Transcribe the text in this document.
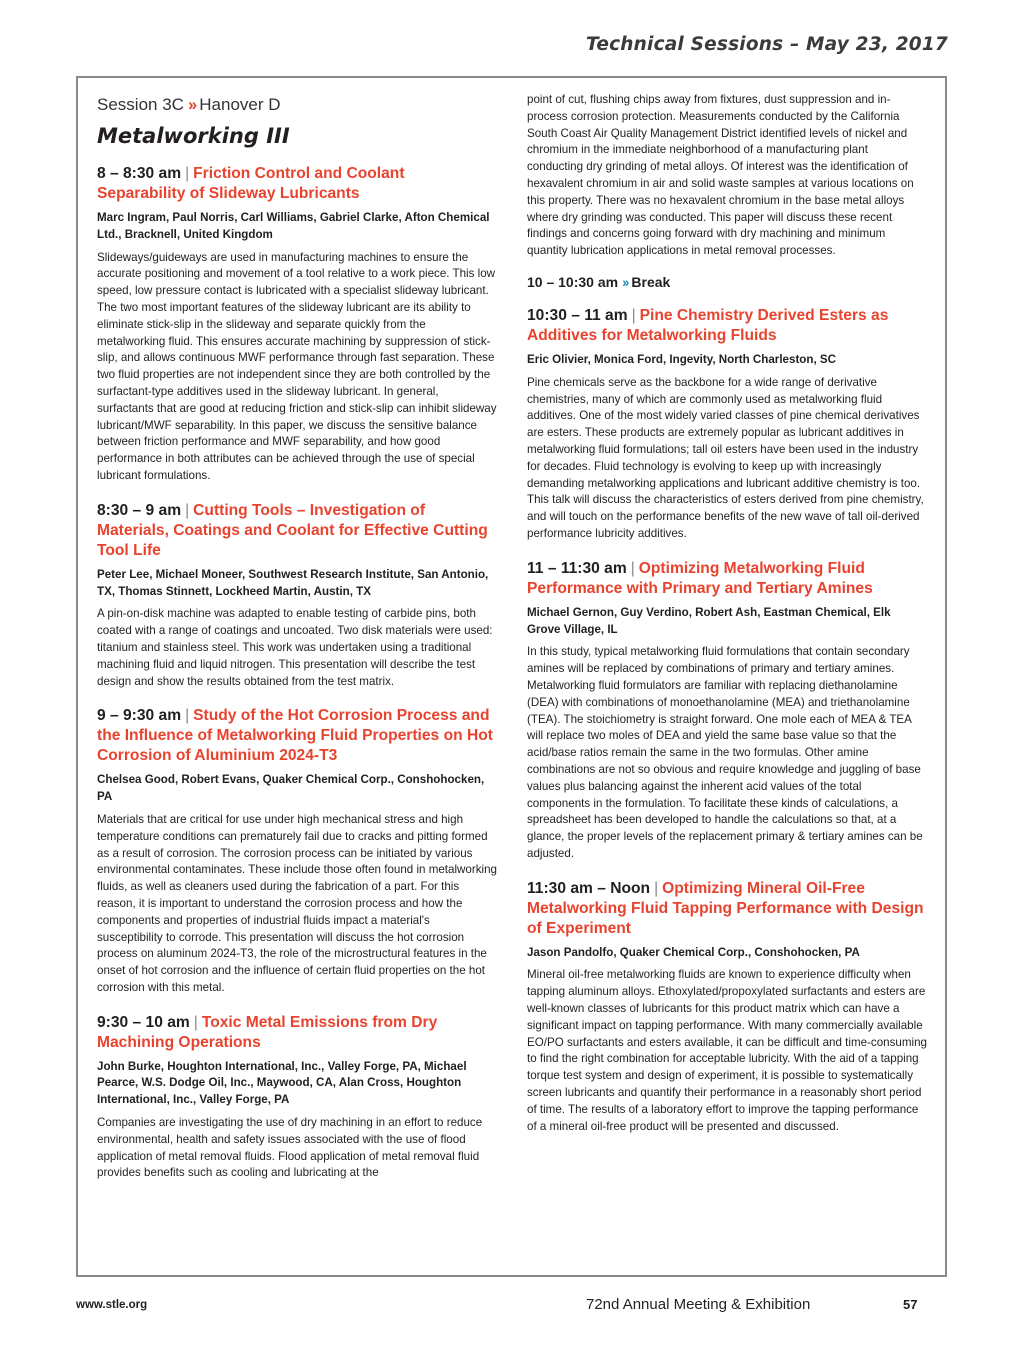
Technical Sessions – May 23, 2017
Session 3C ›› Hanover D
Metalworking III
8 – 8:30 am | Friction Control and Coolant Separability of Slideway Lubricants
Marc Ingram, Paul Norris, Carl Williams, Gabriel Clarke, Afton Chemical Ltd., Bracknell, United Kingdom

Slideways/guideways are used in manufacturing machines to ensure the accurate positioning and movement of a tool relative to a work piece. This low speed, low pressure contact is lubricated with a specialist slideway lubricant. The two most important features of the slideway lubricant are its ability to eliminate stick-slip in the slideway and separate quickly from the metalworking fluid. This ensures accurate machining by suppression of stick-slip, and allows continuous MWF performance through fast separation. These two fluid properties are not independent since they are both controlled by the surfactant-type additives used in the slideway lubricant. In general, surfactants that are good at reducing friction and stick-slip can inhibit slideway lubricant/MWF separability. In this paper, we discuss the sensitive balance between friction performance and MWF separability, and how good performance in both attributes can be achieved through the use of special lubricant formulations.

8:30 – 9 am | Cutting Tools – Investigation of Materials, Coatings and Coolant for Effective Cutting Tool Life
Peter Lee, Michael Moneer, Southwest Research Institute, San Antonio, TX, Thomas Stinnett, Lockheed Martin, Austin, TX

A pin-on-disk machine was adapted to enable testing of carbide pins, both coated with a range of coatings and uncoated. Two disk materials were used: titanium and stainless steel. This work was undertaken using a traditional machining fluid and liquid nitrogen. This presentation will describe the test design and show the results obtained from the test matrix.

9 – 9:30 am | Study of the Hot Corrosion Process and the Influence of Metalworking Fluid Properties on Hot Corrosion of Aluminium 2024-T3
Chelsea Good, Robert Evans, Quaker Chemical Corp., Conshohocken, PA

Materials that are critical for use under high mechanical stress and high temperature conditions can prematurely fail due to cracks and pitting formed as a result of corrosion. The corrosion process can be initiated by various environmental contaminates. These include those often found in metalworking fluids, as well as cleaners used during the fabrication of a part. For this reason, it is important to understand the corrosion process and how the components and properties of industrial fluids impact a material's susceptibility to corrode. This presentation will discuss the hot corrosion process on aluminum 2024-T3, the role of the microstructural features in the onset of hot corrosion and the influence of certain fluid properties on the hot corrosion with this metal.

9:30 – 10 am | Toxic Metal Emissions from Dry Machining Operations
John Burke, Houghton International, Inc., Valley Forge, PA, Michael Pearce, W.S. Dodge Oil, Inc., Maywood, CA, Alan Cross, Houghton International, Inc., Valley Forge, PA

Companies are investigating the use of dry machining in an effort to reduce environmental, health and safety issues associated with the use of flood application of metal removal fluids. Flood application of metal removal fluid provides benefits such as cooling and lubricating at the

point of cut, flushing chips away from fixtures, dust suppression and in-process corrosion protection. Measurements conducted by the California South Coast Air Quality Management District identified levels of nickel and chromium in the immediate neighborhood of a manufacturing plant conducting dry grinding of metal alloys. Of interest was the identification of hexavalent chromium in air and solid waste samples at various locations on this property. There was no hexavalent chromium in the base metal alloys where dry grinding was conducted. This paper will discuss these recent findings and concerns going forward with dry machining and minimum quantity lubrication applications in metal removal processes.

10 – 10:30 am ›› Break
10:30 – 11 am | Pine Chemistry Derived Esters as Additives for Metalworking Fluids
Eric Olivier, Monica Ford, Ingevity, North Charleston, SC

Pine chemicals serve as the backbone for a wide range of derivative chemistries, many of which are commonly used as metalworking fluid additives. One of the most widely varied classes of pine chemical derivatives are esters. These products are extremely popular as lubricant additives in metalworking fluid formulations; tall oil esters have been used in the industry for decades. Fluid technology is evolving to keep up with increasingly demanding metalworking applications and lubricant additive chemistry is too. This talk will discuss the characteristics of esters derived from pine chemistry, and will touch on the performance benefits of the new wave of tall oil-derived performance lubricity additives.

11 – 11:30 am | Optimizing Metalworking Fluid Performance with Primary and Tertiary Amines
Michael Gernon, Guy Verdino, Robert Ash, Eastman Chemical, Elk Grove Village, IL

In this study, typical metalworking fluid formulations that contain secondary amines will be replaced by combinations of primary and tertiary amines. Metalworking fluid formulators are familiar with replacing diethanolamine (DEA) with combinations of monoethanolamine (MEA) and triethanolamine (TEA). The stoichiometry is straight forward. One mole each of MEA & TEA will replace two moles of DEA and yield the same base value so that the acid/base ratios remain the same in the two formulas. Other amine combinations are not so obvious and require knowledge and juggling of base values plus balancing against the inherent acid values of the total components in the formulation. To facilitate these kinds of calculations, a spreadsheet has been developed to handle the calculations so that, at a glance, the proper levels of the replacement primary & tertiary amines can be adjusted.

11:30 am – Noon | Optimizing Mineral Oil-Free Metalworking Fluid Tapping Performance with Design of Experiment
Jason Pandolfo, Quaker Chemical Corp., Conshohocken, PA

Mineral oil-free metalworking fluids are known to experience difficulty when tapping aluminum alloys. Ethoxylated/propoxylated surfactants and esters are well-known classes of lubricants for this product matrix which can have a significant impact on tapping performance. With many commercially available EO/PO surfactants and esters available, it can be difficult and time-consuming to find the right combination for acceptable lubricity. With the aid of a tapping torque test system and design of experiment, it is possible to systematically screen lubricants and quantify their performance in a reasonably short period of time. The results of a laboratory effort to improve the tapping performance of a mineral oil-free product will be presented and discussed.

www.stle.org	72nd Annual Meeting & Exhibition	57
